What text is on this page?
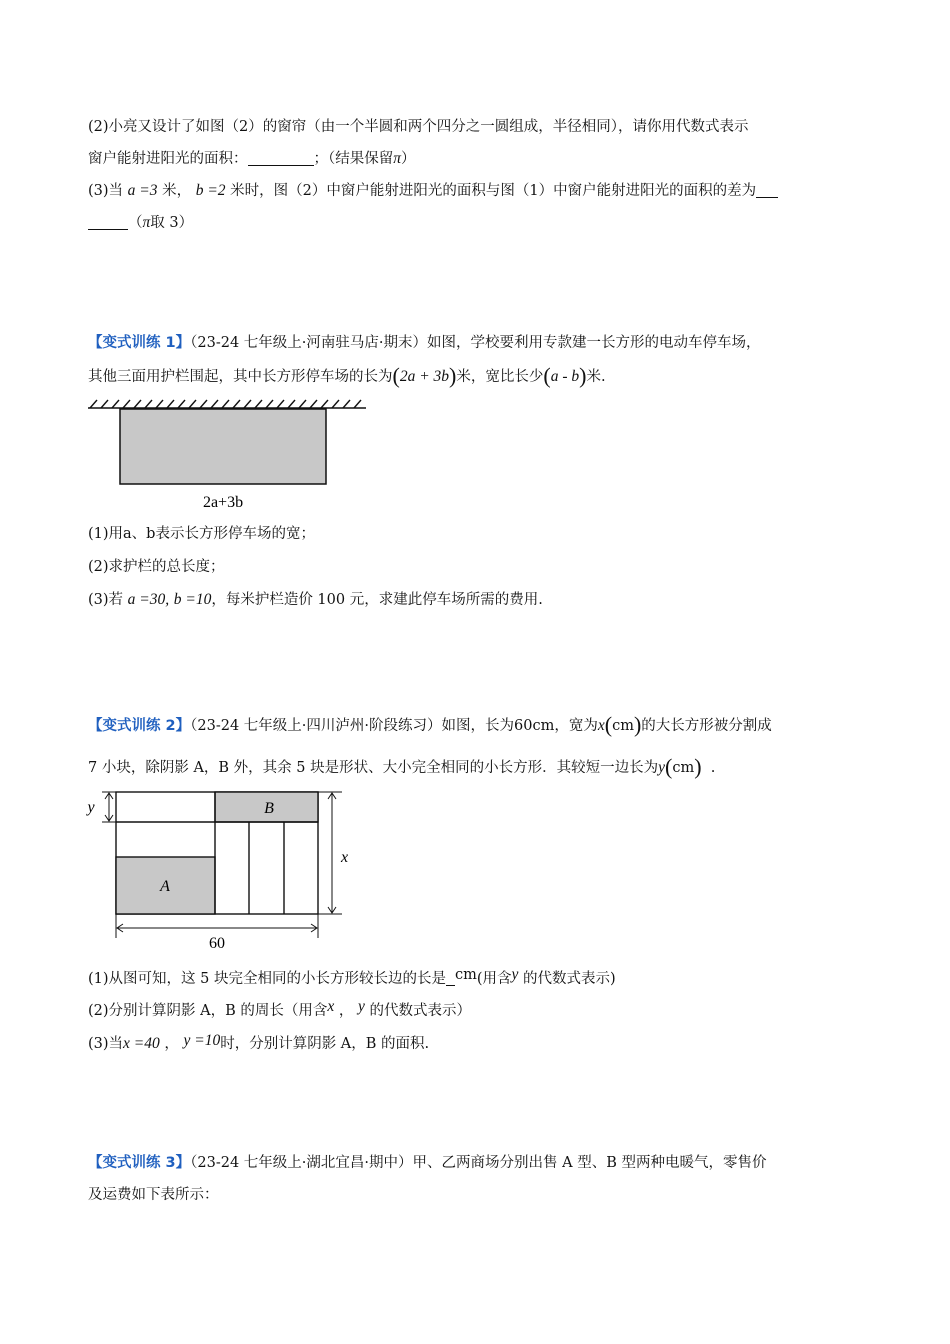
(2)小亮又设计了如图（2）的窗帘（由一个半圆和两个四分之一圆组成，半径相同），请你用代数式表示
窗户能射进阳光的面积：	；（结果保留π）
(3)当 a =3 米， b =2 米时，图（2）中窗户能射进阳光的面积与图（1）中窗户能射进阳光的面积的差为
（π取 3）
【变式训练 1】（23-24 七年级上·河南驻马店·期末）如图，学校要利用专款建一长方形的电动车停车场，
其他三面用护栏围起，其中长方形停车场的长为(2a + 3b)米，宽比长少(a - b)米.
2a+3b
(1)用a、b表示长方形停车场的宽；
(2)求护栏的总长度；
(3)若 a =30, b =10，每米护栏造价 100 元，求建此停车场所需的费用.
【变式训练 2】（23-24 七年级上·四川泸州·阶段练习）如图，长为60cm，宽为x(cm)的大长方形被分割成
7 小块，除阴影 A，B 外，其余 5 块是形状、大小完全相同的小长方形．其较短一边长为y(cm) .
B
A
y
x
60
(1)从图可知，这 5 块完全相同的小长方形较长边的长是 cm(用含y 的代数式表示)
(2)分别计算阴影 A，B 的周长（用含x ， y 的代数式表示）
(3)当x =40 ， y =10时，分别计算阴影 A，B 的面积.
【变式训练 3】（23-24 七年级上·湖北宜昌·期中）甲、乙两商场分别出售 A 型、B 型两种电暖气，零售价
及运费如下表所示：
